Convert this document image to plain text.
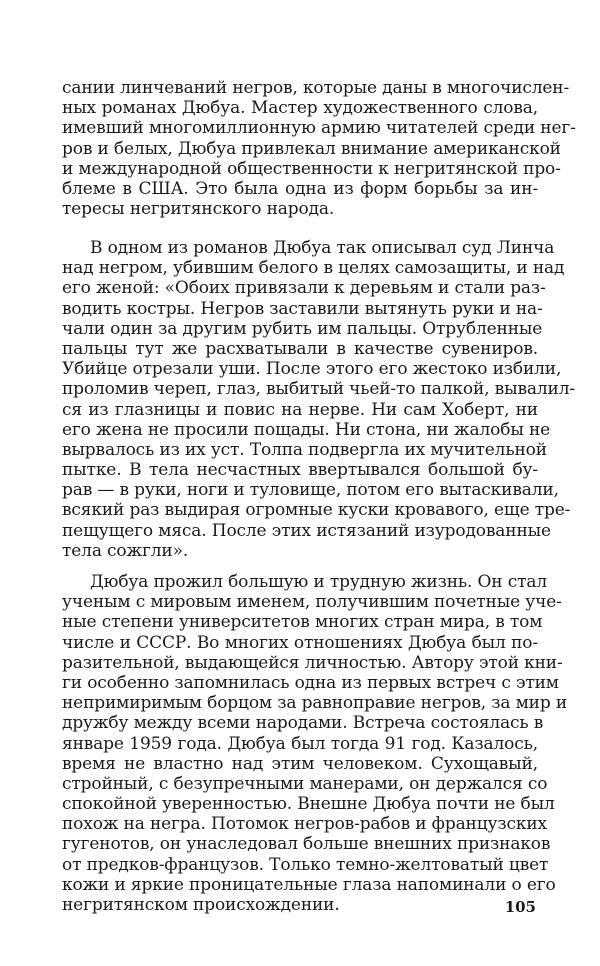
сании линчеваний негров, которые даны в многочислен-
ных романах Дюбуа. Мастер художественного слова,
имевший многомиллионную армию читателей среди нег-
ров и белых, Дюбуа привлекал внимание американской
и международной общественности к негритянской про-
блеме в США. Это была одна из форм борьбы за ин-
тересы негритянского народа.

В одном из романов Дюбуа так описывал суд Линча
над негром, убившим белого в целях самозащиты, и над
его женой: «Обоих привязали к деревьям и стали раз-
водить костры. Негров заставили вытянуть руки и на-
чали один за другим рубить им пальцы. Отрубленные
пальцы тут же расхватывали в качестве сувениров.
Убийце отрезали уши. После этого его жестоко избили,
проломив череп, глаз, выбитый чьей-то палкой, вывалил-
ся из глазницы и повис на нерве. Ни сам Хоберт, ни
его жена не просили пощады. Ни стона, ни жалобы не
вырвалось из их уст. Толпа подвергла их мучительной
пытке. В тела несчастных ввертывался большой бу-
рав — в руки, ноги и туловище, потом его вытаскивали,
всякий раз выдирая огромные куски кровавого, еще тре-
пещущего мяса. После этих истязаний изуродованные
тела сожгли».

Дюбуа прожил большую и трудную жизнь. Он стал
ученым с мировым именем, получившим почетные уче-
ные степени университетов многих стран мира, в том
числе и СССР. Во многих отношениях Дюбуа был по-
разительной, выдающейся личностью. Автору этой кни-
ги особенно запомнилась одна из первых встреч с этим
непримиримым борцом за равноправие негров, за мир и
дружбу между всеми народами. Встреча состоялась в
январе 1959 года. Дюбуа был тогда 91 год. Казалось,
время не властно над этим человеком. Сухощавый,
стройный, с безупречными манерами, он держался со
спокойной уверенностью. Внешне Дюбуа почти не был
похож на негра. Потомок негров-рабов и французских
гугенотов, он унаследовал больше внешних признаков
от предков-французов. Только темно-желтоватый цвет
кожи и яркие проницательные глаза напоминали о его
негритянском происхождении.	105
